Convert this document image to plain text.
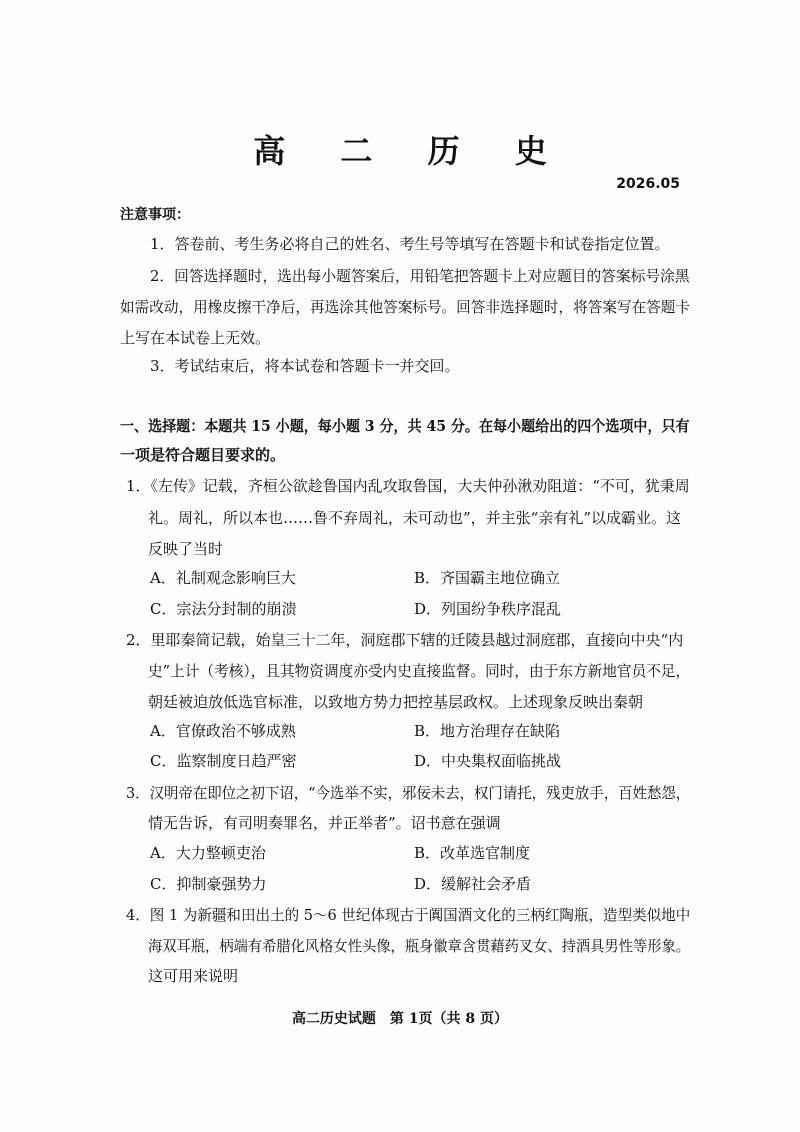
高 二 历 史
2026.05
注意事项：
1．答卷前、考生务必将自己的姓名、考生号等填写在答题卡和试卷指定位置。
2．回答选择题时，选出每小题答案后，用铅笔把答题卡上对应题目的答案标号涂黑
如需改动，用橡皮擦干净后，再选涂其他答案标号。回答非选择题时，将答案写在答题卡
上写在本试卷上无效。
3．考试结束后，将本试卷和答题卡一并交回。
一、选择题：本题共 15 小题，每小题 3 分，共 45 分。在每小题给出的四个选项中，只有
一项是符合题目要求的。
1．《左传》记载，齐桓公欲趁鲁国内乱攻取鲁国，大夫仲孙湫劝阻道：“不可，犹秉周
礼。周礼，所以本也……鲁不弃周礼，未可动也”，并主张“亲有礼”以成霸业。这
反映了当时
A．礼制观念影响巨大	B．齐国霸主地位确立
C．宗法分封制的崩溃	D．列国纷争秩序混乱
2．里耶秦简记载，始皇三十二年，洞庭郡下辖的迁陵县越过洞庭郡，直接向中央“内
史”上计（考核），且其物资调度亦受内史直接监督。同时，由于东方新地官员不足，
朝廷被迫放低选官标准，以致地方势力把控基层政权。上述现象反映出秦朝
A．官僚政治不够成熟	B．地方治理存在缺陷
C．监察制度日趋严密	D．中央集权面临挑战
3．汉明帝在即位之初下诏，“今选举不实，邪佞未去，权门请托，残吏放手，百姓愁怨，
情无告诉，有司明奏罪名，并正举者”。诏书意在强调
A．大力整顿吏治	B．改革选官制度
C．抑制豪强势力	D．缓解社会矛盾
4．图 1 为新疆和田出土的 5～6 世纪体现古于阗国酒文化的三柄红陶瓶，造型类似地中
海双耳瓶，柄端有希腊化风格女性头像，瓶身徽章含贯藉药叉女、持酒具男性等形象。
这可用来说明
高二历史试题　第 1页（共 8 页）
